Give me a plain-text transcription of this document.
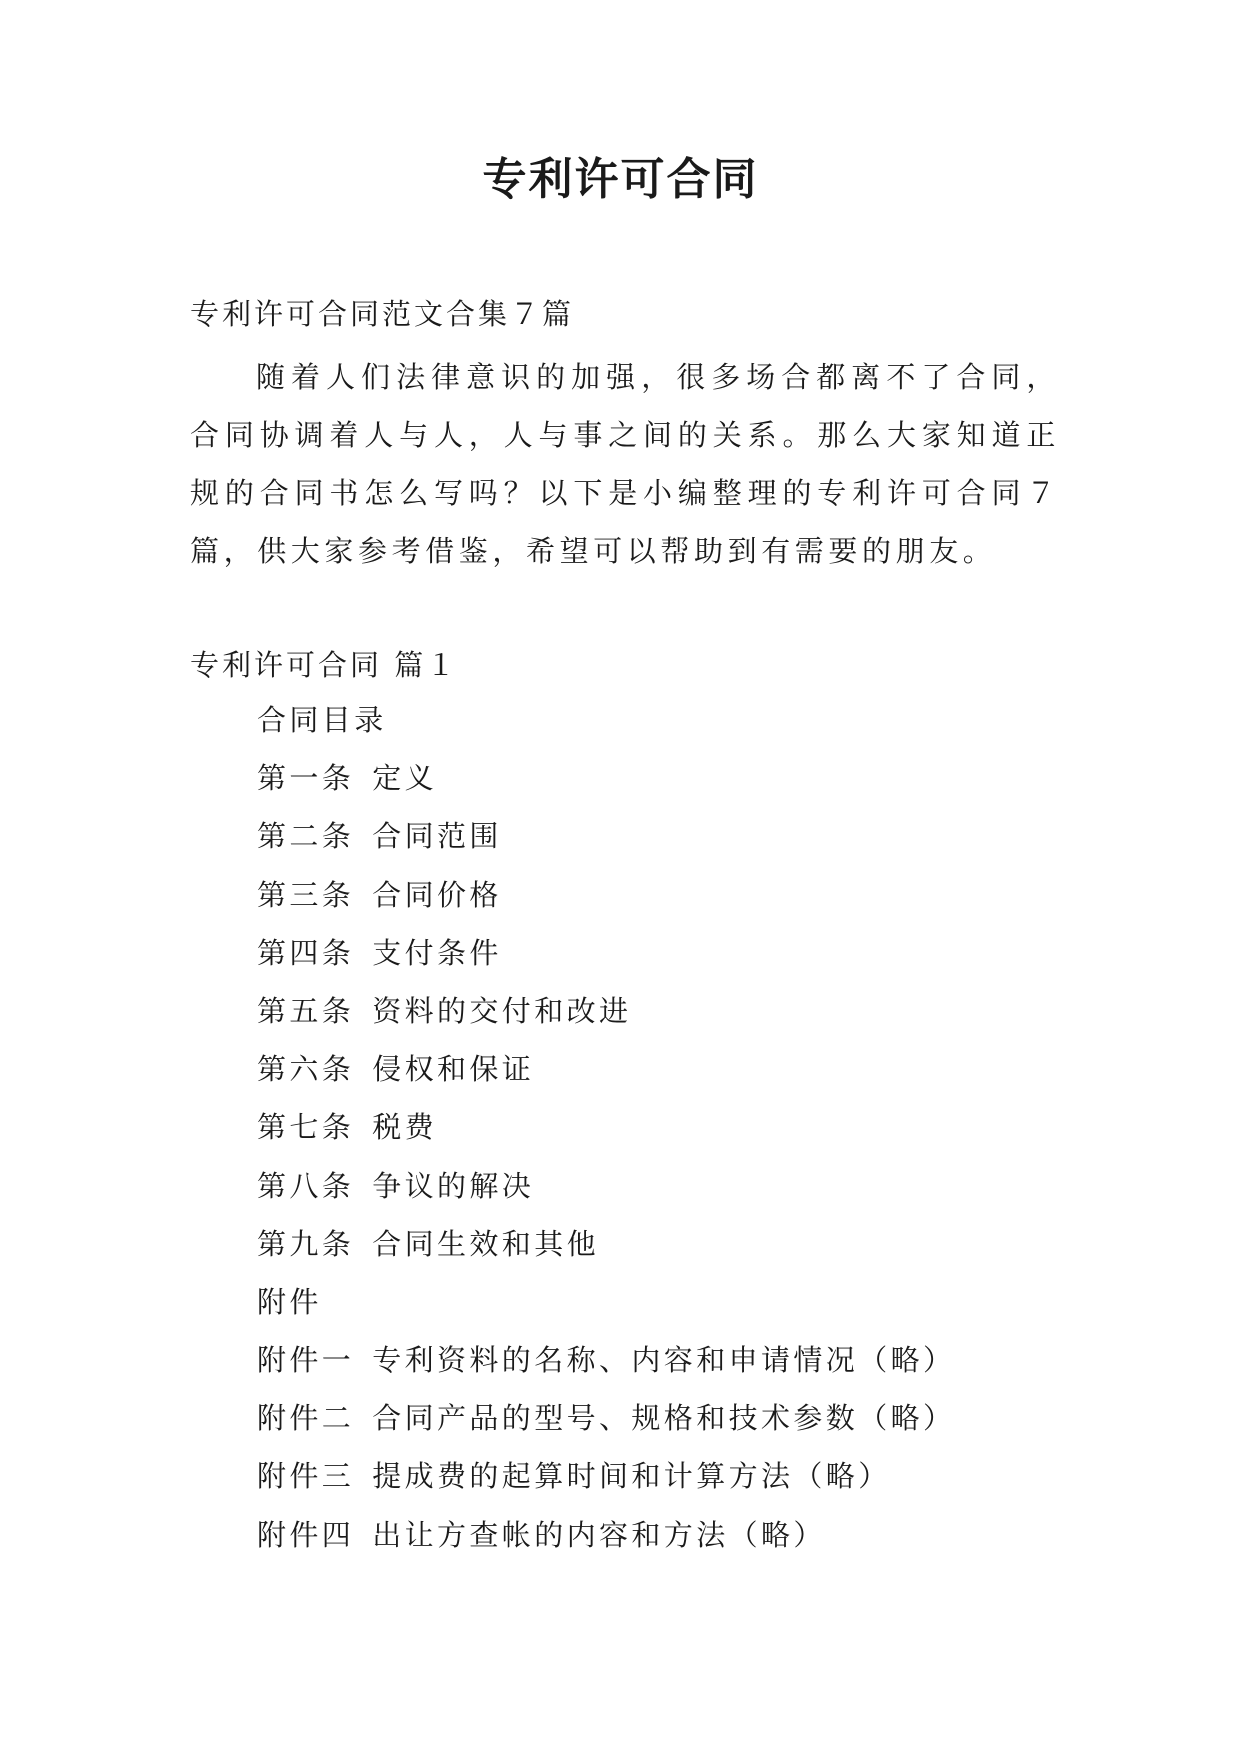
专利许可合同
专利许可合同范文合集７篇
随着人们法律意识的加强，很多场合都离不了合同，合同协调着人与人，人与事之间的关系。那么大家知道正规的合同书怎么写吗？以下是小编整理的专利许可合同７篇，供大家参考借鉴，希望可以帮助到有需要的朋友。
专利许可合同 篇１
合同目录
第一条 定义
第二条 合同范围
第三条 合同价格
第四条 支付条件
第五条 资料的交付和改进
第六条 侵权和保证
第七条 税费
第八条 争议的解决
第九条 合同生效和其他
附件
附件一 专利资料的名称、内容和申请情况（略）
附件二 合同产品的型号、规格和技术参数（略）
附件三 提成费的起算时间和计算方法（略）
附件四 出让方查帐的内容和方法（略）
